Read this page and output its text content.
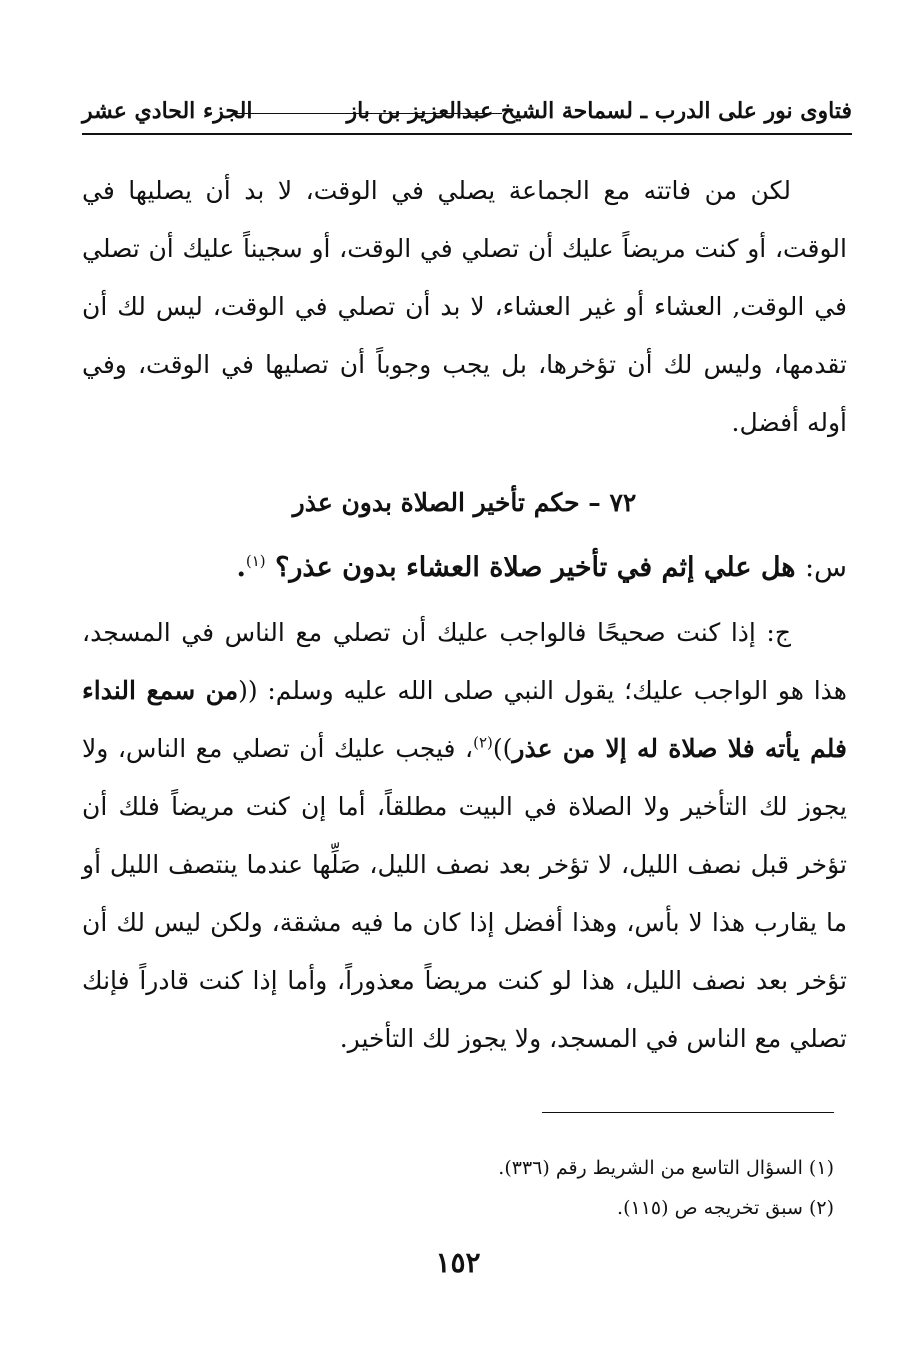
فتاوى نور على الدرب ـ لسماحة الشيخ عبدالعزيز بن باز
الجزء الحادي عشر
لكن من فاتته مع الجماعة يصلي في الوقت، لا بد أن يصليها في الوقت، أو كنت مريضاً عليك أن تصلي في الوقت، أو سجيناً عليك أن تصلي في الوقت, العشاء أو غير العشاء، لا بد أن تصلي في الوقت، ليس لك أن تقدمها، وليس لك أن تؤخرها، بل يجب وجوباً أن تصليها في الوقت، وفي أوله أفضل.
٧٢ – حكم تأخير الصلاة بدون عذر
س: هل علي إثم في تأخير صلاة العشاء بدون عذر؟ $^{(١)}$.
ج: إذا كنت صحيحًا فالواجب عليك أن تصلي مع الناس في المسجد، هذا هو الواجب عليك؛ يقول النبي صلى الله عليه وسلم: ((من سمع النداء فلم يأته فلا صلاة له إلا من عذر))$^{(٢)}$، فيجب عليك أن تصلي مع الناس، ولا يجوز لك التأخير ولا الصلاة في البيت مطلقاً، أما إن كنت مريضاً فلك أن تؤخر قبل نصف الليل، لا تؤخر بعد نصف الليل، صَلِّها عندما ينتصف الليل أو ما يقارب هذا لا بأس، وهذا أفضل إذا كان ما فيه مشقة، ولكن ليس لك أن تؤخر بعد نصف الليل، هذا لو كنت مريضاً معذوراً، وأما إذا كنت قادراً فإنك تصلي مع الناس في المسجد، ولا يجوز لك التأخير.
(١) السؤال التاسع من الشريط رقم (٣٣٦).
(٢) سبق تخريجه ص (١١٥).
١٥٢
